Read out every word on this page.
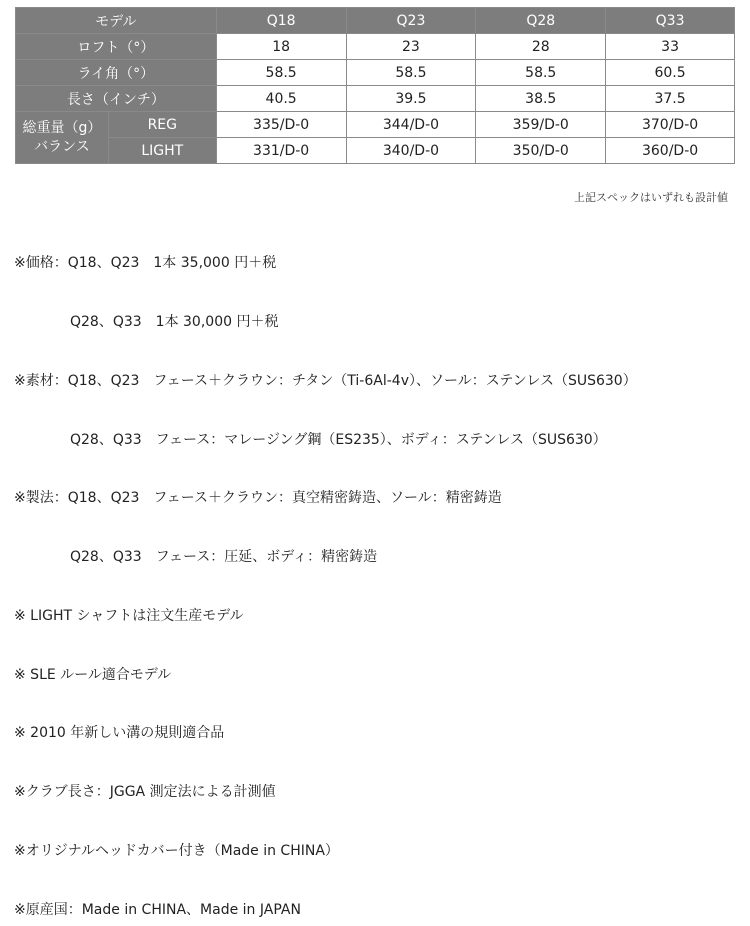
モデル		Q18	Q23	Q28	Q33
ロフト（°）		18	23	28	33
ライ角（°）		58.5	58.5	58.5	60.5
長さ（インチ）		40.5	39.5	38.5	37.5

総重量（g）
バランス	REG	335/D-0	344/D-0	359/D-0	370/D-0
	LIGHT	331/D-0	340/D-0	350/D-0	360/D-0
上記スペックはいずれも設計値

※価格：Q18、Q23　1本 35,000 円＋税

　　　　Q28、Q33　1本 30,000 円＋税

※素材：Q18、Q23　フェース＋クラウン：チタン（Ti-6Al-4v）、ソール：ステンレス（SUS630）

　　　　Q28、Q33　フェース：マレージング鋼（ES235）、ボディ：ステンレス（SUS630）

※製法：Q18、Q23　フェース＋クラウン：真空精密鋳造、ソール：精密鋳造

　　　　Q28、Q33　フェース：圧延、ボディ：精密鋳造

※ LIGHT シャフトは注文生産モデル

※ SLE ルール適合モデル

※ 2010 年新しい溝の規則適合品

※クラブ長さ：JGGA 測定法による計測値

※オリジナルヘッドカバー付き（Made in CHINA）

※原産国：Made in CHINA、Made in JAPAN
